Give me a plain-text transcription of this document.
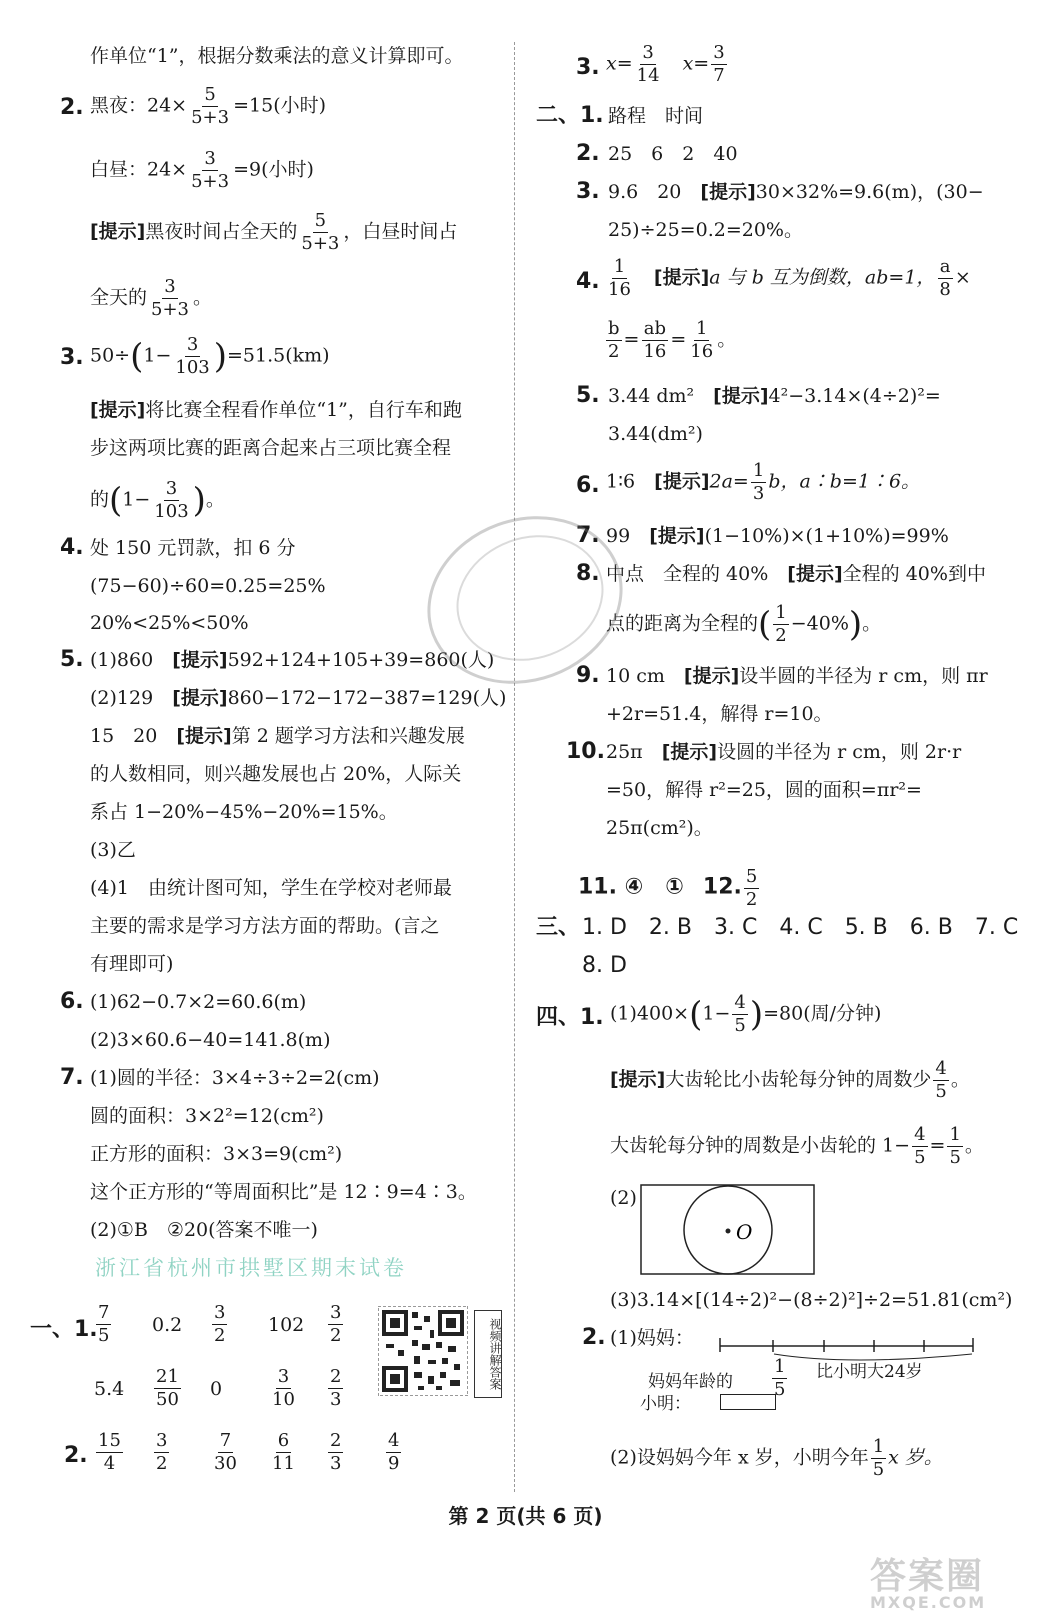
作单位“1”，根据分数乘法的意义计算即可。
2. 黑夜：$24\times \frac{5}{5+3} =15$(小时)
白昼：$24\times \frac{3}{5+3} =9$(小时)
[提示]黑夜时间占全天的 $\frac{5}{5+3}$ ，白昼时间占
全天的 $\frac{3}{5+3}$ 。
3. $50\div(1- \frac{3}{103} )=51.5(km)$
[提示]将比赛全程看作单位“1”，自行车和跑
步这两项比赛的距离合起来占三项比赛全程
的($1- \frac{3}{103}$ )。
4. 处 150 元罚款，扣 6 分
(75−60)÷60=0.25=25%
20%<25%<50%
5. (1)860　 [提示]592+124+105+39=860(人)
(2)129　 [提示]860−172−172−387=129(人)
15　20　 [提示]第 2 题学习方法和兴趣发展
的人数相同，则兴趣发展也占 20%，人际关
系占 1−20%−45%−20%=15%。
(3)乙
(4)1　由统计图可知，学生在学校对老师最
主要的需求是学习方法方面的帮助。(言之
有理即可)
6. (1)62−0.7×2=60.6(m)
(2)3×60.6−40=141.8(m)
7. (1)圆的半径：3×4÷3÷2=2(cm)
圆的面积：3×2²=12(cm²)
正方形的面积：3×3=9(cm²)
这个正方形的“等周面积比”是 12∶9=4∶3。
(2)①B　②20(答案不唯一)
浙江省杭州市拱墅区期末试卷
一、1.
$\frac{7}{5} 0.2 \frac{3}{2} 102 \frac{3}{2}$
$5.4 \frac{21}{50} 0$	$\frac{3}{10} \frac{2}{3}$
2. $\frac{15}{4} \frac{3}{2} \frac{7}{30} \frac{6}{11} \frac{2}{3} \frac{4}{9}$
视频讲解答案
3. $x= \frac{3}{14}$
　 $x= \frac{3}{7}$
二、1. 路程　时间
2. 25　6　2　40
3. 9.6　20　 [提示]30×32%=9.6(m)，(30−
25)÷25=0.2=20%。
4. $\frac{1}{16}$
　 [提示]a 与 b 互为倒数，ab=1， $\frac{a}{8}$ ×
$\frac{b}{2} = \frac{ab}{16} = \frac{1}{16}$ 。
5. 3.44 dm²　 [提示]4²−3.14×(4÷2)²=
3.44(dm²)
6. 1∶6　 [提示]$2a= \frac{1}{3}$ b，a∶b=1∶6。
7. 99　 [提示](1−10%)×(1+10%)=99%
8. 中点　全程的 40%　 [提示]全程的 40%到中
点的距离为全程的( $\frac{1}{2} -40\%$)。
9. 10 cm　 [提示]设半圆的半径为 r cm，则 πr
+2r=51.4，解得 r=10。
10. 25π　 [提示]设圆的半径为 r cm，则 2r·r
=50，解得 r²=25，圆的面积=πr²=
25π(cm²)。
11. ④　①　 12. $\frac{5}{2}$
三、 1. D　2. B　3. C　4. C　5. B　6. B　7. C
8. D
四、1. $(1)400\times(1- \frac{4}{5} )=80$(周/分钟)
[提示]大齿轮比小齿轮每分钟的周数少 $\frac{4}{5}$ 。
大齿轮每分钟的周数是小齿轮的 $1- \frac{4}{5} = \frac{1}{5}$ 。
(2)
O
(3)3.14×[(14÷2)²−(8÷2)²]÷2=51.81(cm²)
2. (1)妈妈：
妈妈年龄的 $\frac{1}{5}$ 比小明大24岁
小明：
(2)设妈妈今年 x 岁，小明今年 $\frac{1}{5}$ x 岁。
第 2 页(共 6 页)
答案圈
MXQE.COM
